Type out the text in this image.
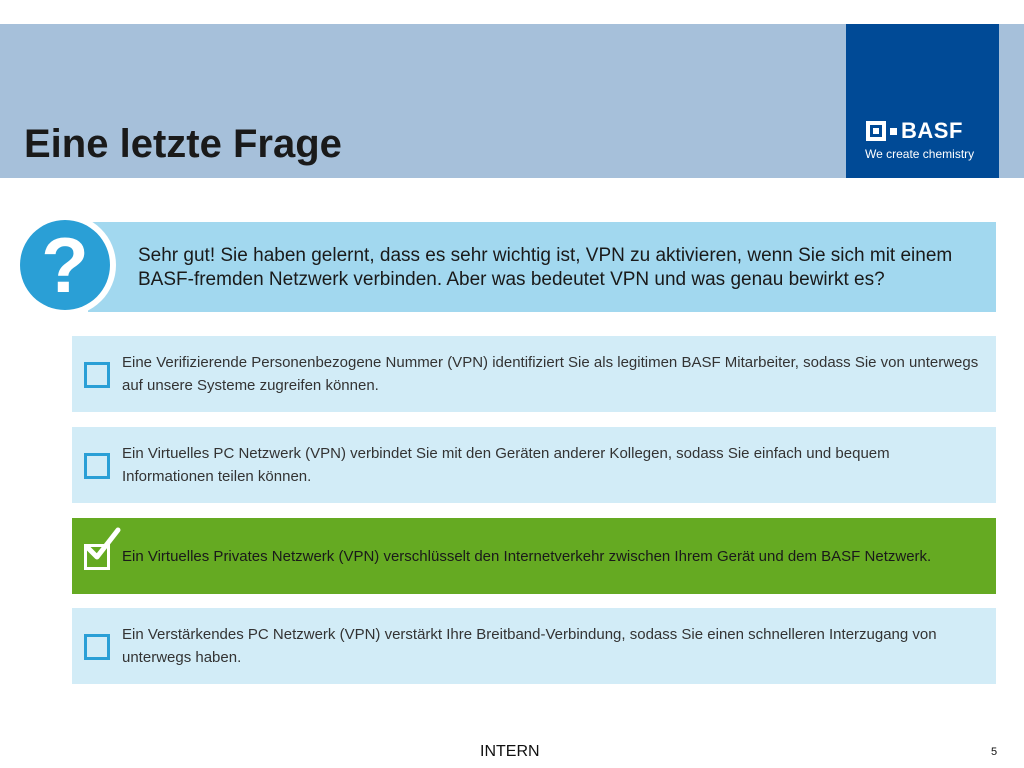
Eine letzte Frage	BASF
We create chemistry
?	Sehr gut! Sie haben gelernt, dass es sehr wichtig ist, VPN zu aktivieren, wenn Sie sich mit einem BASF-fremden Netzwerk verbinden. Aber was bedeutet VPN und was genau bewirkt es?
Eine Verifizierende Personenbezogene Nummer (VPN) identifiziert Sie als legitimen BASF Mitarbeiter, sodass Sie von unterwegs auf unsere Systeme zugreifen können.
Ein Virtuelles PC Netzwerk (VPN) verbindet Sie mit den Geräten anderer Kollegen, sodass Sie einfach und bequem Informationen teilen können.
Ein Virtuelles Privates Netzwerk (VPN) verschlüsselt den Internetverkehr zwischen Ihrem Gerät und dem BASF Netzwerk.
Ein Verstärkendes PC Netzwerk (VPN) verstärkt Ihre Breitband-Verbindung, sodass Sie einen schnelleren Interzugang von unterwegs haben.
INTERN	5
